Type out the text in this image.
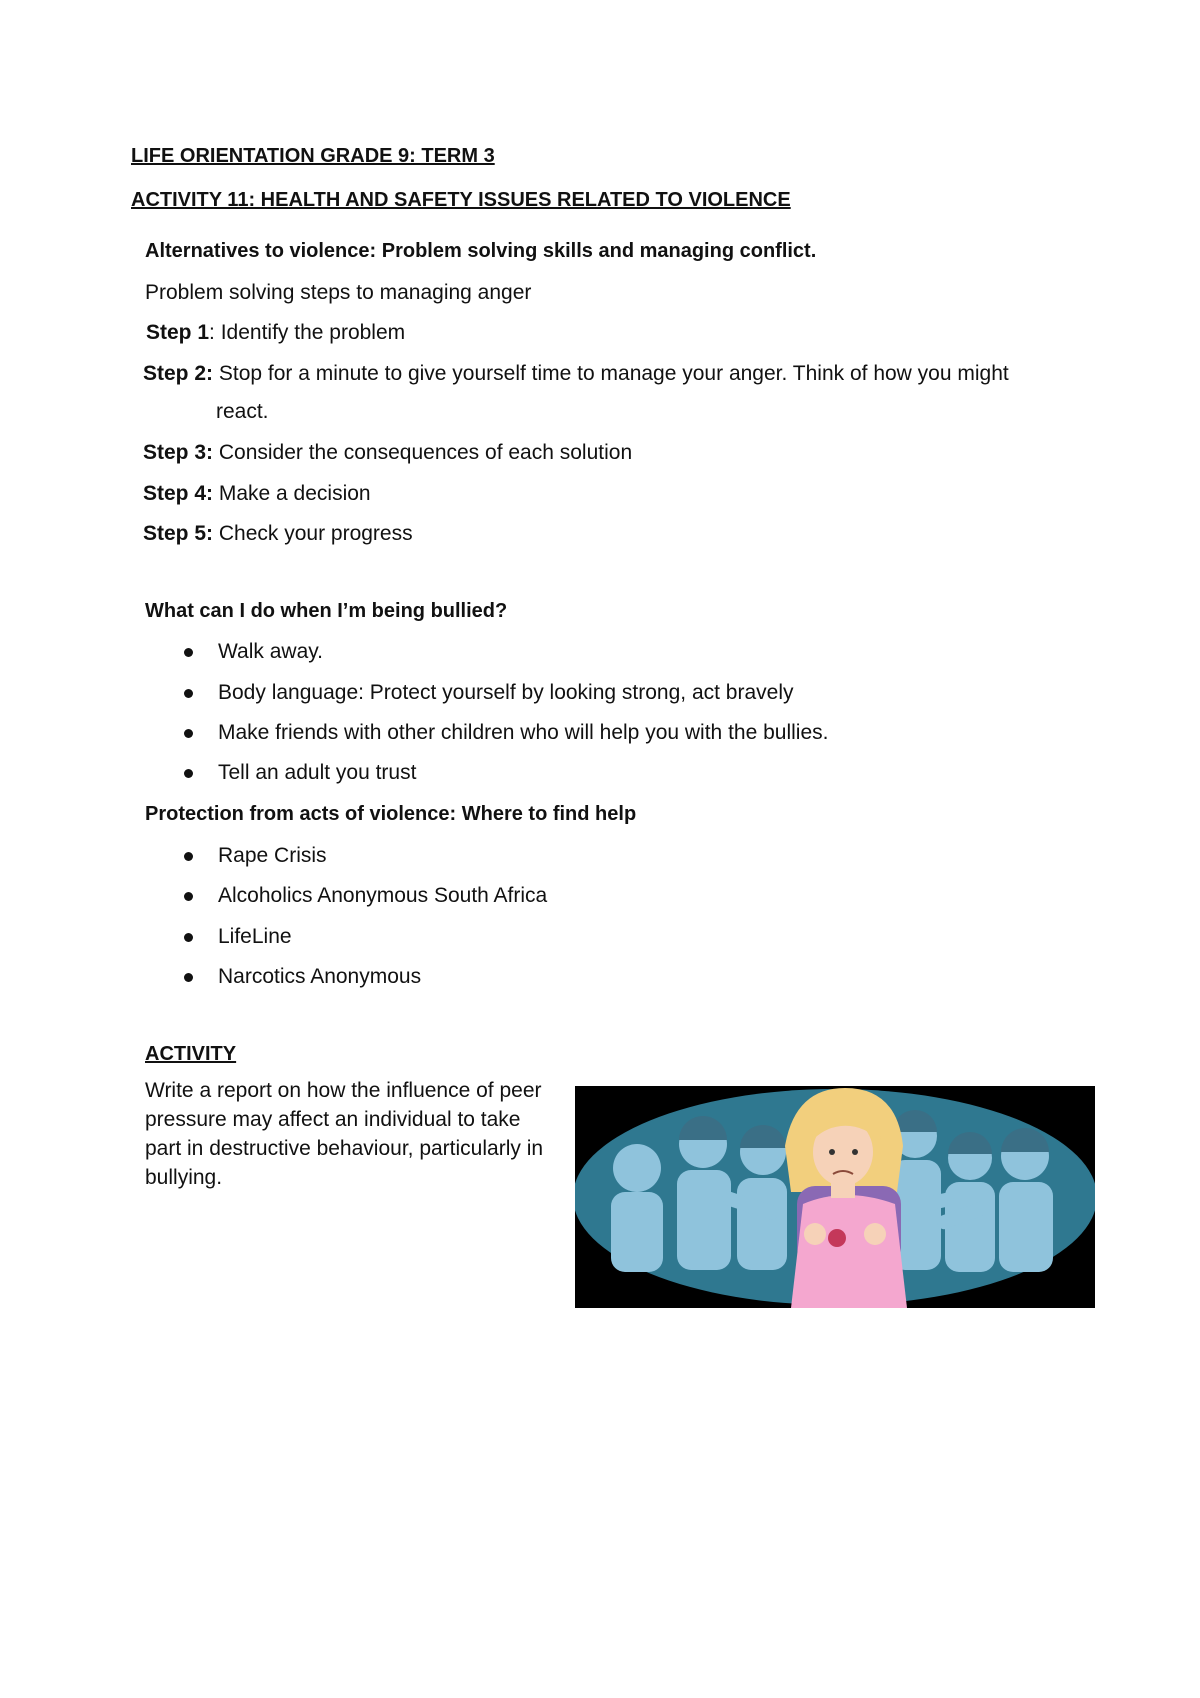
LIFE ORIENTATION GRADE 9: TERM 3
ACTIVITY 11: HEALTH AND SAFETY ISSUES RELATED TO VIOLENCE
Alternatives to violence: Problem solving skills and managing conflict.
Problem solving steps to managing anger
Step 1: Identify the problem
Step 2: Stop for a minute to give yourself time to manage your anger. Think of how you might
react.
Step 3: Consider the consequences of each solution
Step 4: Make a decision
Step 5: Check your progress
What can I do when I’m being bullied?
Walk away.
Body language: Protect yourself by looking strong, act bravely
Make friends with other children who will help you with the bullies.
Tell an adult you trust
Protection from acts of violence: Where to find help
Rape Crisis
Alcoholics Anonymous South Africa
LifeLine
Narcotics Anonymous
ACTIVITY
Write a report on how the influence of peer pressure may affect an individual to take part in destructive behaviour, particularly in bullying.
